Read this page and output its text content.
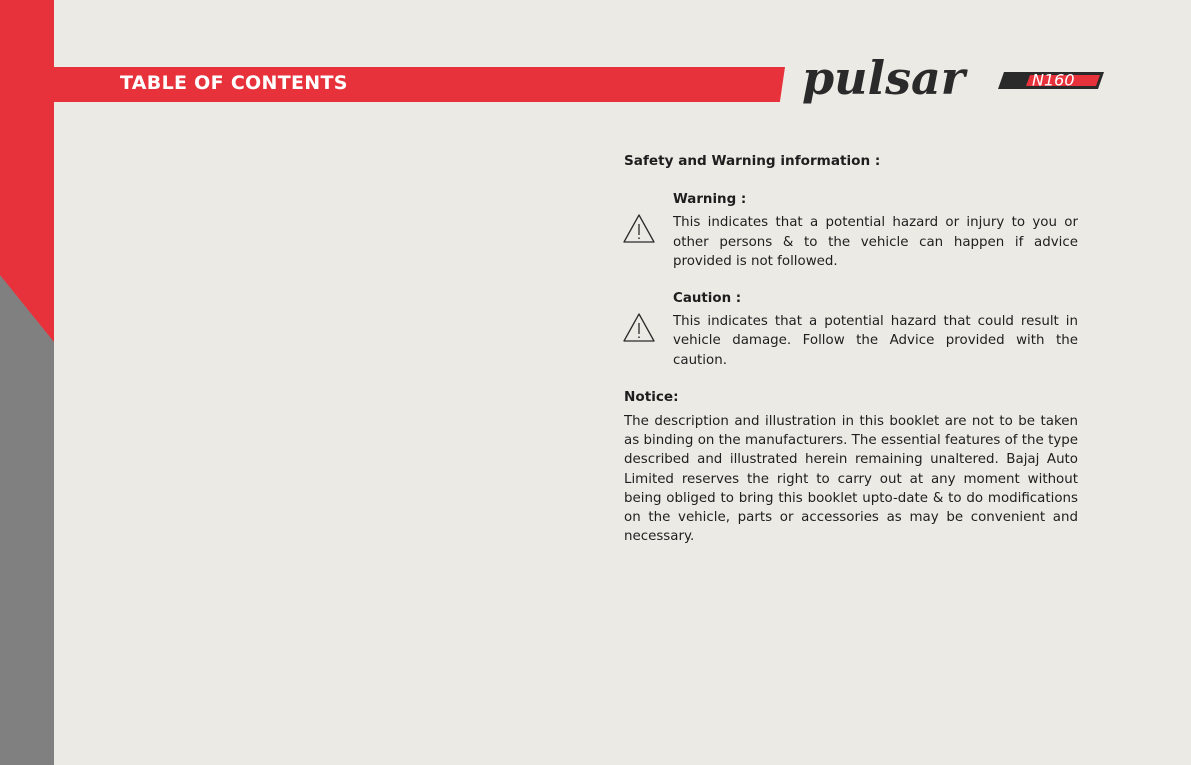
TABLE OF CONTENTS	pulsar	N160

Safety and Warning information :

Warning :

This indicates that a potential hazard or injury to you or other persons & to the vehicle can happen if advice provided is not followed.

Caution :

This indicates that a potential hazard that could result in vehicle damage. Follow the Advice provided with the caution.

Notice:

The description and illustration in this booklet are not to be taken as binding on the manufacturers. The essential features of the type described and illustrated herein remaining unaltered. Bajaj Auto Limited reserves the right to carry out at any moment without being obliged to bring this booklet upto-date & to do modifications on the vehicle, parts or accessories as may be convenient and necessary.
